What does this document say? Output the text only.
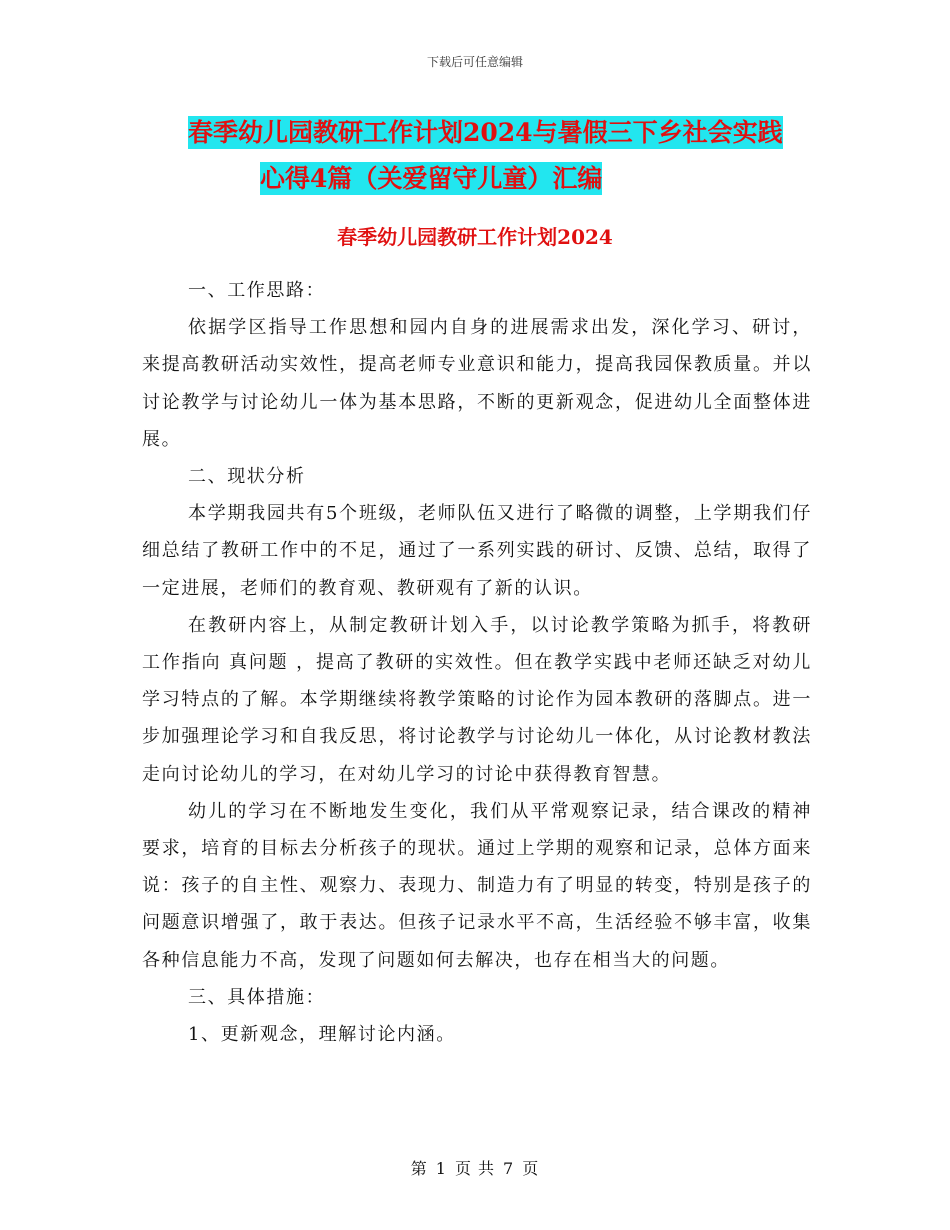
下载后可任意编辑
春季幼儿园教研工作计划2024与暑假三下乡社会实践
心得4篇（关爱留守儿童）汇编
春季幼儿园教研工作计划2024

一、工作思路：

依据学区指导工作思想和园内自身的进展需求出发，深化学习、研讨，来提高教研活动实效性，提高老师专业意识和能力，提高我园保教质量。并以讨论教学与讨论幼儿一体为基本思路，不断的更新观念，促进幼儿全面整体进展。

二、现状分析

本学期我园共有5个班级，老师队伍又进行了略微的调整，上学期我们仔细总结了教研工作中的不足，通过了一系列实践的研讨、反馈、总结，取得了一定进展，老师们的教育观、教研观有了新的认识。

在教研内容上，从制定教研计划入手，以讨论教学策略为抓手，将教研工作指向 真问题 ，提高了教研的实效性。但在教学实践中老师还缺乏对幼儿学习特点的了解。本学期继续将教学策略的讨论作为园本教研的落脚点。进一步加强理论学习和自我反思，将讨论教学与讨论幼儿一体化，从讨论教材教法走向讨论幼儿的学习，在对幼儿学习的讨论中获得教育智慧。

幼儿的学习在不断地发生变化，我们从平常观察记录，结合课改的精神要求，培育的目标去分析孩子的现状。通过上学期的观察和记录，总体方面来说：孩子的自主性、观察力、表现力、制造力有了明显的转变，特别是孩子的问题意识增强了，敢于表达。但孩子记录水平不高，生活经验不够丰富，收集各种信息能力不高，发现了问题如何去解决，也存在相当大的问题。

三、具体措施：

1、更新观念，理解讨论内涵。

第 1 页 共 7 页
